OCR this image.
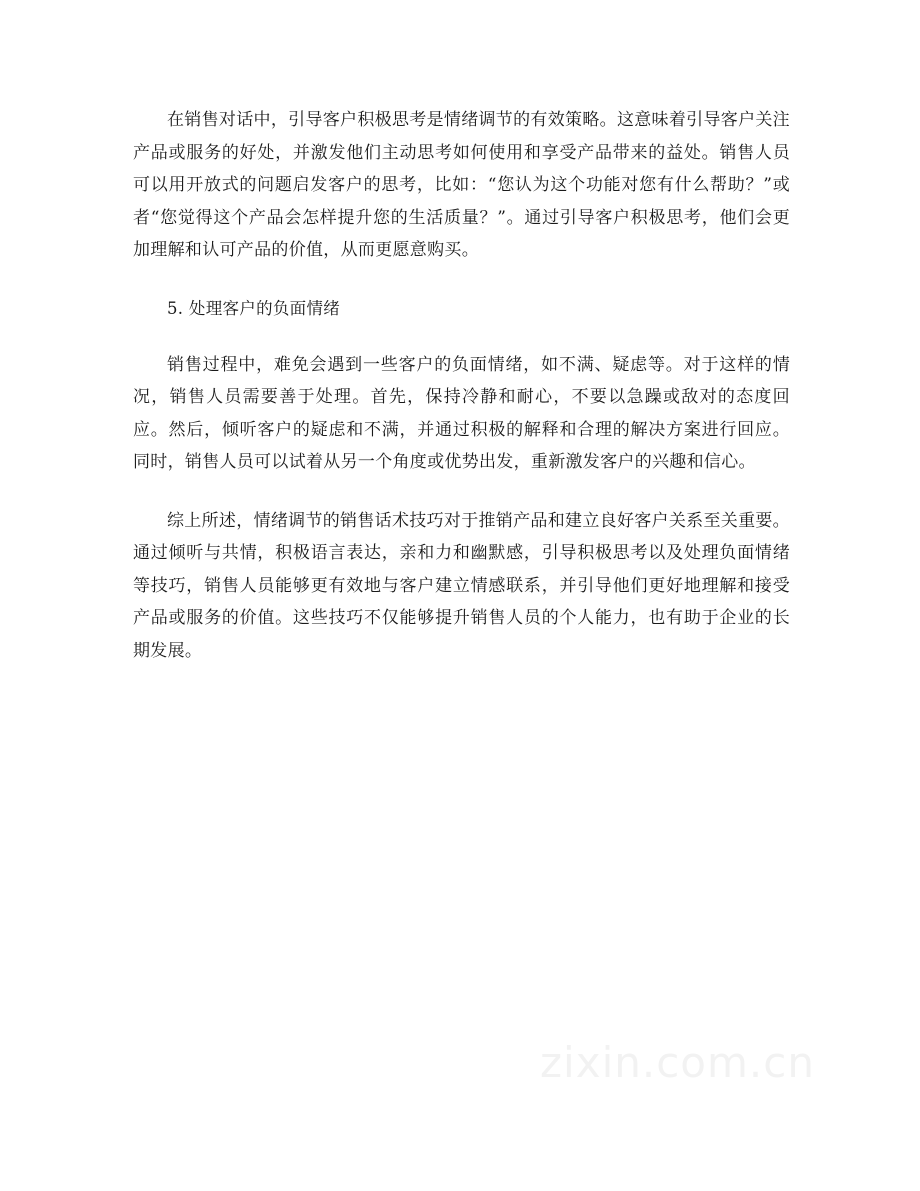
在销售对话中，引导客户积极思考是情绪调节的有效策略。这意味着引导客户关注产品或服务的好处，并激发他们主动思考如何使用和享受产品带来的益处。销售人员可以用开放式的问题启发客户的思考，比如：“您认为这个功能对您有什么帮助？”或者“您觉得这个产品会怎样提升您的生活质量？”。通过引导客户积极思考，他们会更加理解和认可产品的价值，从而更愿意购买。

5. 处理客户的负面情绪

销售过程中，难免会遇到一些客户的负面情绪，如不满、疑虑等。对于这样的情况，销售人员需要善于处理。首先，保持冷静和耐心，不要以急躁或敌对的态度回应。然后，倾听客户的疑虑和不满，并通过积极的解释和合理的解决方案进行回应。同时，销售人员可以试着从另一个角度或优势出发，重新激发客户的兴趣和信心。

综上所述，情绪调节的销售话术技巧对于推销产品和建立良好客户关系至关重要。通过倾听与共情，积极语言表达，亲和力和幽默感，引导积极思考以及处理负面情绪等技巧，销售人员能够更有效地与客户建立情感联系，并引导他们更好地理解和接受产品或服务的价值。这些技巧不仅能够提升销售人员的个人能力，也有助于企业的长期发展。

zixin.com.cn
